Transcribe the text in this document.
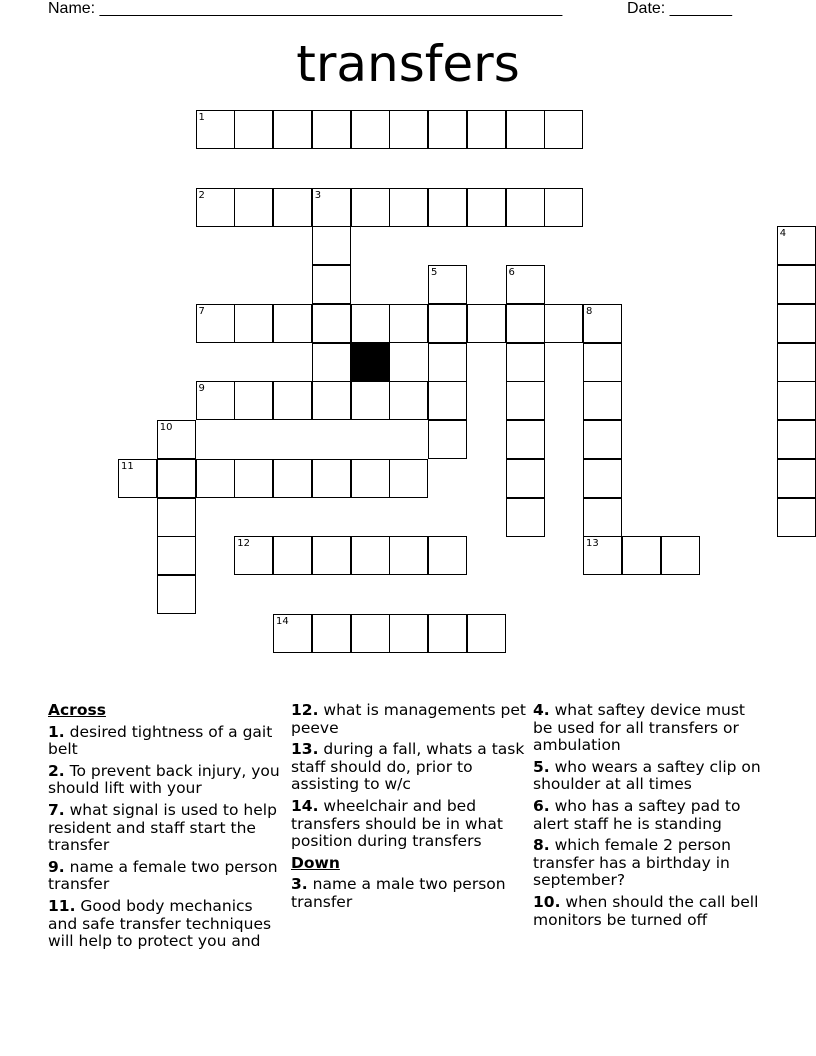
Name: ____________________________________________________	Date: _______
transfers
1
2	3
7	8
9
11
12	13
14
4
5	6
10
Across
1. desired tightness of a gait belt
2. To prevent back injury, you should lift with your
7. what signal is used to help resident and staff start the transfer
9. name a female two person transfer
11. Good body mechanics and safe transfer techniques will help to protect you and
12. what is managements pet peeve
13. during a fall, whats a task staff should do, prior to assisting to w/c
14. wheelchair and bed transfers should be in what position during transfers
Down
3. name a male two person transfer
4. what saftey device must be used for all transfers or ambulation
5. who wears a saftey clip on shoulder at all times
6. who has a saftey pad to alert staff he is standing
8. which female 2 person transfer has a birthday in september?
10. when should the call bell monitors be turned off
